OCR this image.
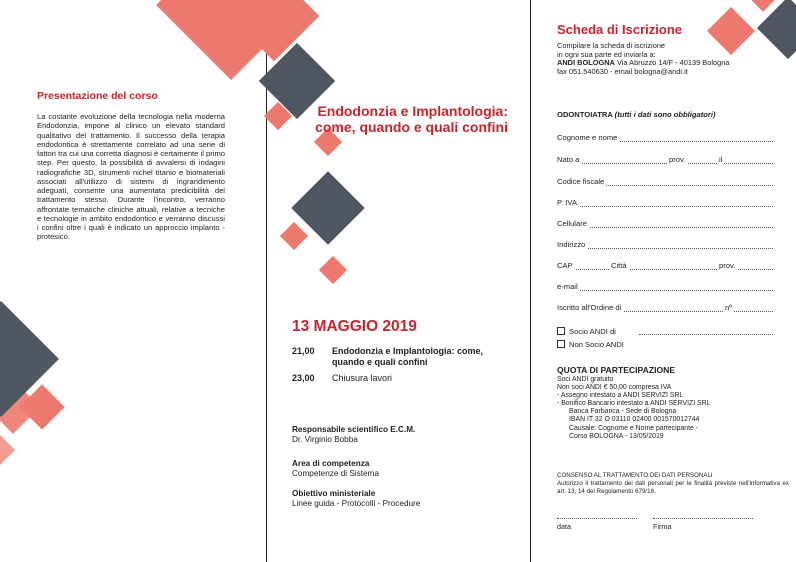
Presentazione del corso
La costante evoluzione della tecnologia nella moderna Endodonzia, impone al clinico un elevato standard qualitativo del trattamento. Il successo della terapia endodontica è strettamente correlato ad una serie di fattori tra cui una corretta diagnosi è certamente il primo step. Per questo, la possibilità di avvalersi di indagini radiografiche 3D, strumenti nichel titanio e biomateriali associati all'utilizzo di sistemi di ingrandimento adeguati, consente una aumentata predicibilità del trattamento stesso. Durante l'incontro, verranno affrontate tematiche cliniche attuali, relative a tecniche e tecnologie in ambito endodontico e verranno discussi i confini oltre i quali è indicato un approccio implanto - protesico.
Endodonzia e Implantologia: come, quando e quali confini
13 MAGGIO 2019
21,00 Endodonzia e Implantologia: come, quando e quali confini
23,00 Chiusura lavori
Responsabile scientifico E.C.M.
Dr. Virginio Bobba
Area di competenza
Competenze di Sistema
Obiettivo ministeriale
Linee guida - Protocolli - Procedure
Scheda di Iscrizione
Compilare la scheda di iscrizione
in ogni sua parte ed inviarla a:
ANDI BOLOGNA Via Abruzzo 14/F - 40139 Bologna
fax 051.540630 - email bologna@andi.it
ODONTOIATRA (tutti i dati sono obbligatori)
Cognome e nome
Nato a	prov.	il
Codice fiscale
P. IVA
Cellulare
Indirizzo
CAP	Città	prov.
e-mail
Iscritto all'Ordine di	nº
Socio ANDI di
Non Socio ANDI
QUOTA DI PARTECIPAZIONE
Soci ANDI gratuito
Non soci ANDI € 50,00 compresa IVA
- Assegno intestato a ANDI SERVIZI SRL
- Bonifico Bancario intestato a ANDI SERVIZI SRL
Banca Farbanca - Sede di Bologna
IBAN IT 32 O 03110 02400 001570012744
Causale: Cognome e Nome partecipante -
Corso BOLOGNA - 13/05/2019
CONSENSO AL TRATTAMENTO DEI DATI PERSONALI
Autorizzo il trattamento dei dati personali per le finalità previste nell'informativa ex art. 13, 14 del Regolamento 679/16.
data	Firma
